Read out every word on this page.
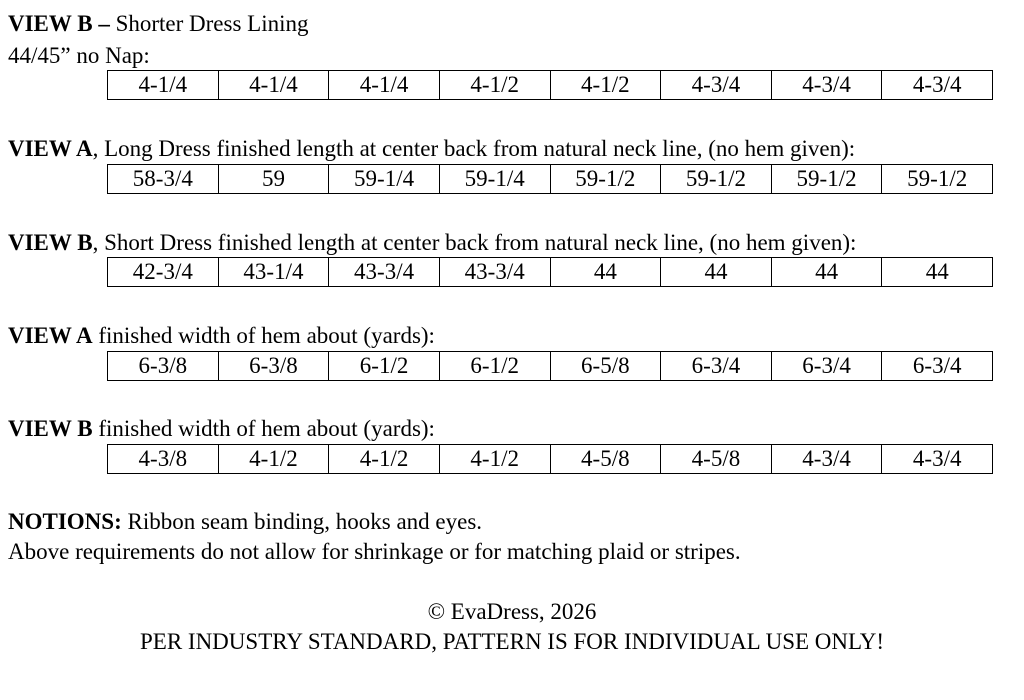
VIEW B – Shorter Dress Lining
44/45” no Nap:
4-1/4	4-1/4	4-1/4	4-1/2	4-1/2	4-3/4	4-3/4	4-3/4
VIEW A, Long Dress finished length at center back from natural neck line, (no hem given):
58-3/4	59	59-1/4	59-1/4	59-1/2	59-1/2	59-1/2	59-1/2
VIEW B, Short Dress finished length at center back from natural neck line, (no hem given):
42-3/4	43-1/4	43-3/4	43-3/4	44	44	44	44
VIEW A finished width of hem about (yards):
6-3/8	6-3/8	6-1/2	6-1/2	6-5/8	6-3/4	6-3/4	6-3/4
VIEW B finished width of hem about (yards):
4-3/8	4-1/2	4-1/2	4-1/2	4-5/8	4-5/8	4-3/4	4-3/4
NOTIONS: Ribbon seam binding, hooks and eyes.
Above requirements do not allow for shrinkage or for matching plaid or stripes.
© EvaDress, 2026
PER INDUSTRY STANDARD, PATTERN IS FOR INDIVIDUAL USE ONLY!
